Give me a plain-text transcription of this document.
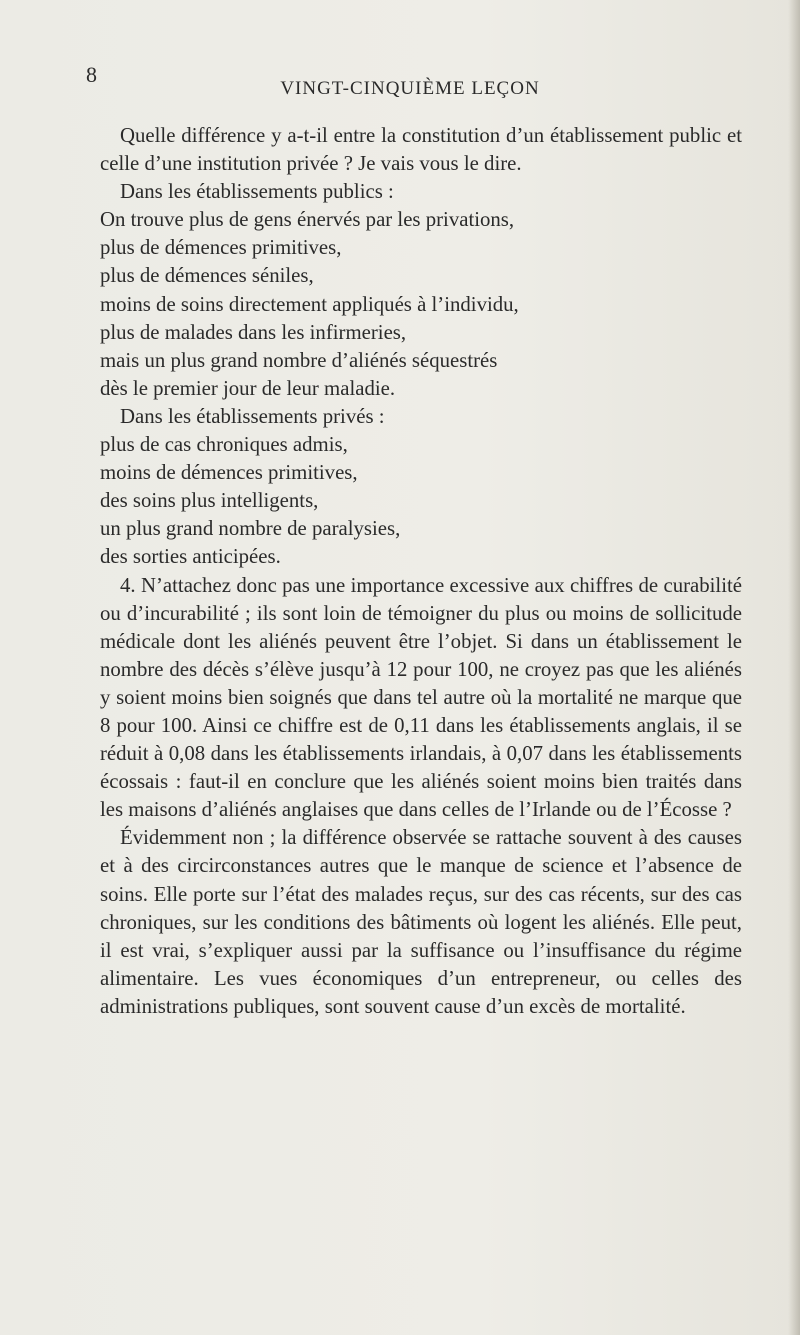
8
VINGT-CINQUIÈME LEÇON

Quelle différence y a-t-il entre la constitution d’un établissement public et celle d’une institution privée ? Je vais vous le dire.

Dans les établissements publics :

On trouve plus de gens énervés par les privations,

plus de démences primitives,

plus de démences séniles,

moins de soins directement appliqués à l’individu,

plus de malades dans les infirmeries,

mais un plus grand nombre d’aliénés séquestrés

dès le premier jour de leur maladie.

Dans les établissements privés :

plus de cas chroniques admis,

moins de démences primitives,

des soins plus intelligents,

un plus grand nombre de paralysies,

des sorties anticipées.

4. N’attachez donc pas une importance excessive aux chiffres de curabilité ou d’incurabilité ; ils sont loin de témoigner du plus ou moins de sollicitude médicale dont les aliénés peuvent être l’objet. Si dans un établissement le nombre des décès s’élève jusqu’à 12 pour 100, ne croyez pas que les aliénés y soient moins bien soignés que dans tel autre où la mortalité ne marque que 8 pour 100. Ainsi ce chiffre est de 0,11 dans les établissements anglais, il se réduit à 0,08 dans les établissements irlandais, à 0,07 dans les établissements écossais : faut-il en conclure que les aliénés soient moins bien traités dans les maisons d’aliénés anglaises que dans celles de l’Irlande ou de l’Écosse ?

Évidemment non ; la différence observée se rattache souvent à des causes et à des circirconstances autres que le manque de science et l’absence de soins. Elle porte sur l’état des malades reçus, sur des cas récents, sur des cas chroniques, sur les conditions des bâtiments où logent les aliénés. Elle peut, il est vrai, s’expliquer aussi par la suffisance ou l’insuffisance du régime alimentaire. Les vues économiques d’un entrepreneur, ou celles des administrations publiques, sont souvent cause d’un excès de mortalité.
